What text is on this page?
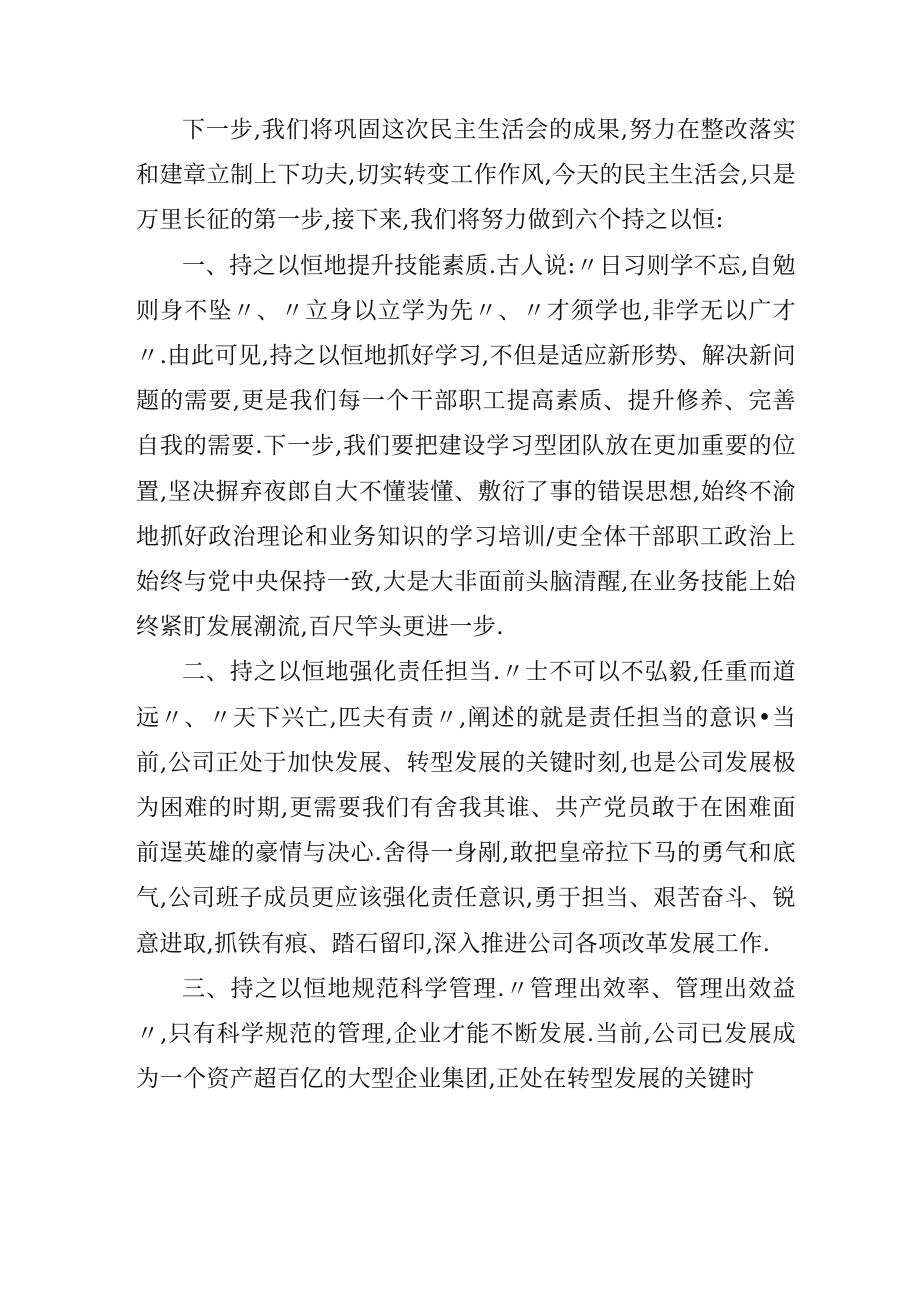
下一步,我们将巩固这次民主生活会的成果,努力在整改落实和建章立制上下功夫,切实转变工作作风,今天的民主生活会,只是万里长征的第一步,接下来,我们将努力做到六个持之以恒:

一、持之以恒地提升技能素质.古人说:〃日习则学不忘,自勉则身不坠〃、〃立身以立学为先〃、〃才须学也,非学无以广才〃.由此可见,持之以恒地抓好学习,不但是适应新形势、解决新问题的需要,更是我们每一个干部职工提高素质、提升修养、完善自我的需要.下一步,我们要把建设学习型团队放在更加重要的位置,坚决摒弃夜郎自大不懂装懂、敷衍了事的错误思想,始终不渝地抓好政治理论和业务知识的学习培训/吏全体干部职工政治上始终与党中央保持一致,大是大非面前头脑清醒,在业务技能上始终紧盯发展潮流,百尺竿头更进一步.

二、持之以恒地强化责任担当.〃士不可以不弘毅,任重而道远〃、〃天下兴亡,匹夫有责〃,阐述的就是责任担当的意识•当前,公司正处于加快发展、转型发展的关键时刻,也是公司发展极为困难的时期,更需要我们有舍我其谁、共产党员敢于在困难面前逞英雄的豪情与决心.舍得一身剐,敢把皇帝拉下马的勇气和底气,公司班子成员更应该强化责任意识,勇于担当、艰苦奋斗、锐意进取,抓铁有痕、踏石留印,深入推进公司各项改革发展工作.

三、持之以恒地规范科学管理.〃管理出效率、管理出效益〃,只有科学规范的管理,企业才能不断发展.当前,公司已发展成为一个资产超百亿的大型企业集团,正处在转型发展的关键时
